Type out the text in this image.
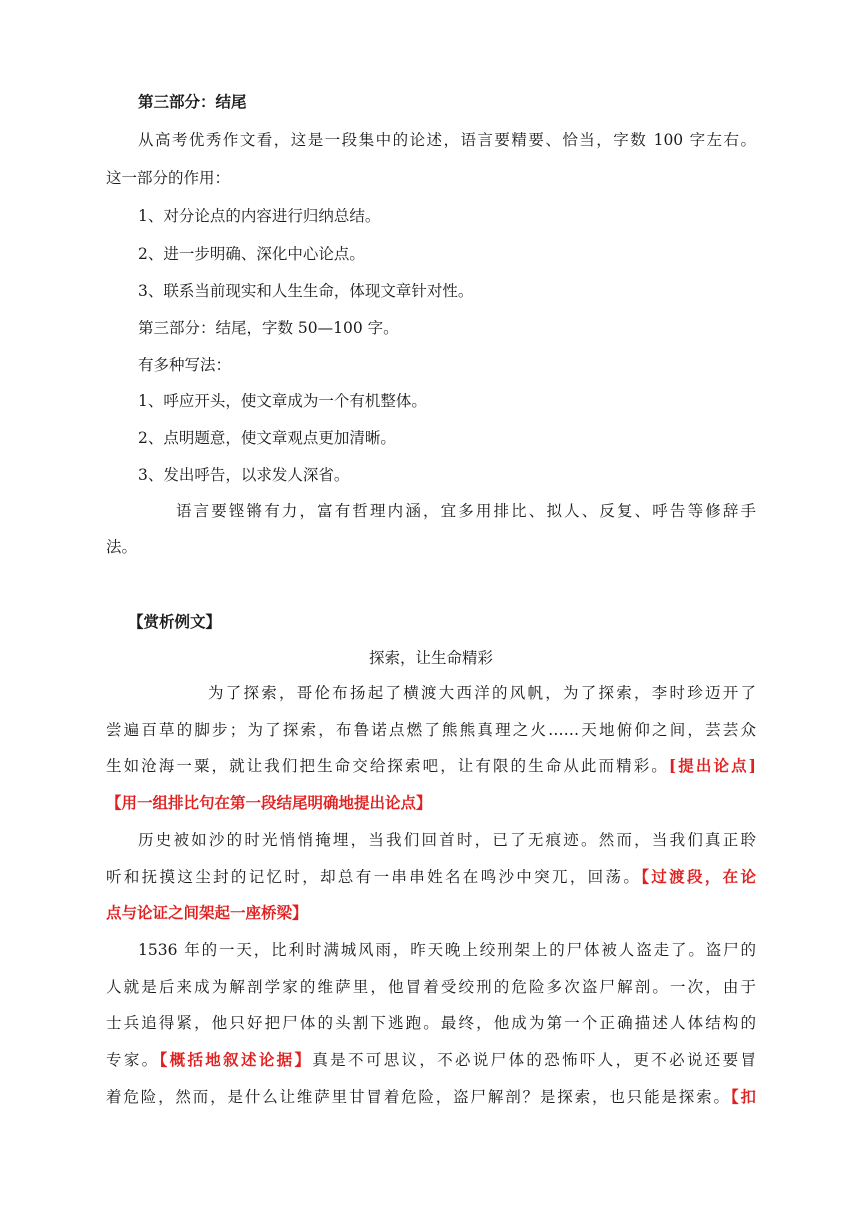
第三部分：结尾
从高考优秀作文看，这是一段集中的论述，语言要精要、恰当，字数 100 字左右。
这一部分的作用：
1、对分论点的内容进行归纳总结。
2、进一步明确、深化中心论点。
3、联系当前现实和人生生命，体现文章针对性。
第三部分：结尾，字数 50—100 字。
有多种写法：
1、呼应开头，使文章成为一个有机整体。
2、点明题意，使文章观点更加清晰。
3、发出呼告，以求发人深省。
语言要铿锵有力，富有哲理内涵，宜多用排比、拟人、反复、呼告等修辞手
法。
【赏析例文】
探索，让生命精彩
为了探索，哥伦布扬起了横渡大西洋的风帆，为了探索，李时珍迈开了
尝遍百草的脚步；为了探索，布鲁诺点燃了熊熊真理之火……天地俯仰之间，芸芸众
生如沧海一粟，就让我们把生命交给探索吧，让有限的生命从此而精彩。[提出论点]
【用一组排比句在第一段结尾明确地提出论点】
历史被如沙的时光悄悄掩埋，当我们回首时，已了无痕迹。然而，当我们真正聆
听和抚摸这尘封的记忆时，却总有一串串姓名在鸣沙中突兀，回荡。【过渡段，在论
点与论证之间架起一座桥梁】
1536 年的一天，比利时满城风雨，昨天晚上绞刑架上的尸体被人盗走了。盗尸的
人就是后来成为解剖学家的维萨里，他冒着受绞刑的危险多次盗尸解剖。一次，由于
士兵追得紧，他只好把尸体的头割下逃跑。最终，他成为第一个正确描述人体结构的
专家。【概括地叙述论据】真是不可思议，不必说尸体的恐怖吓人，更不必说还要冒
着危险，然而，是什么让维萨里甘冒着危险，盗尸解剖？是探索，也只能是探索。【扣
